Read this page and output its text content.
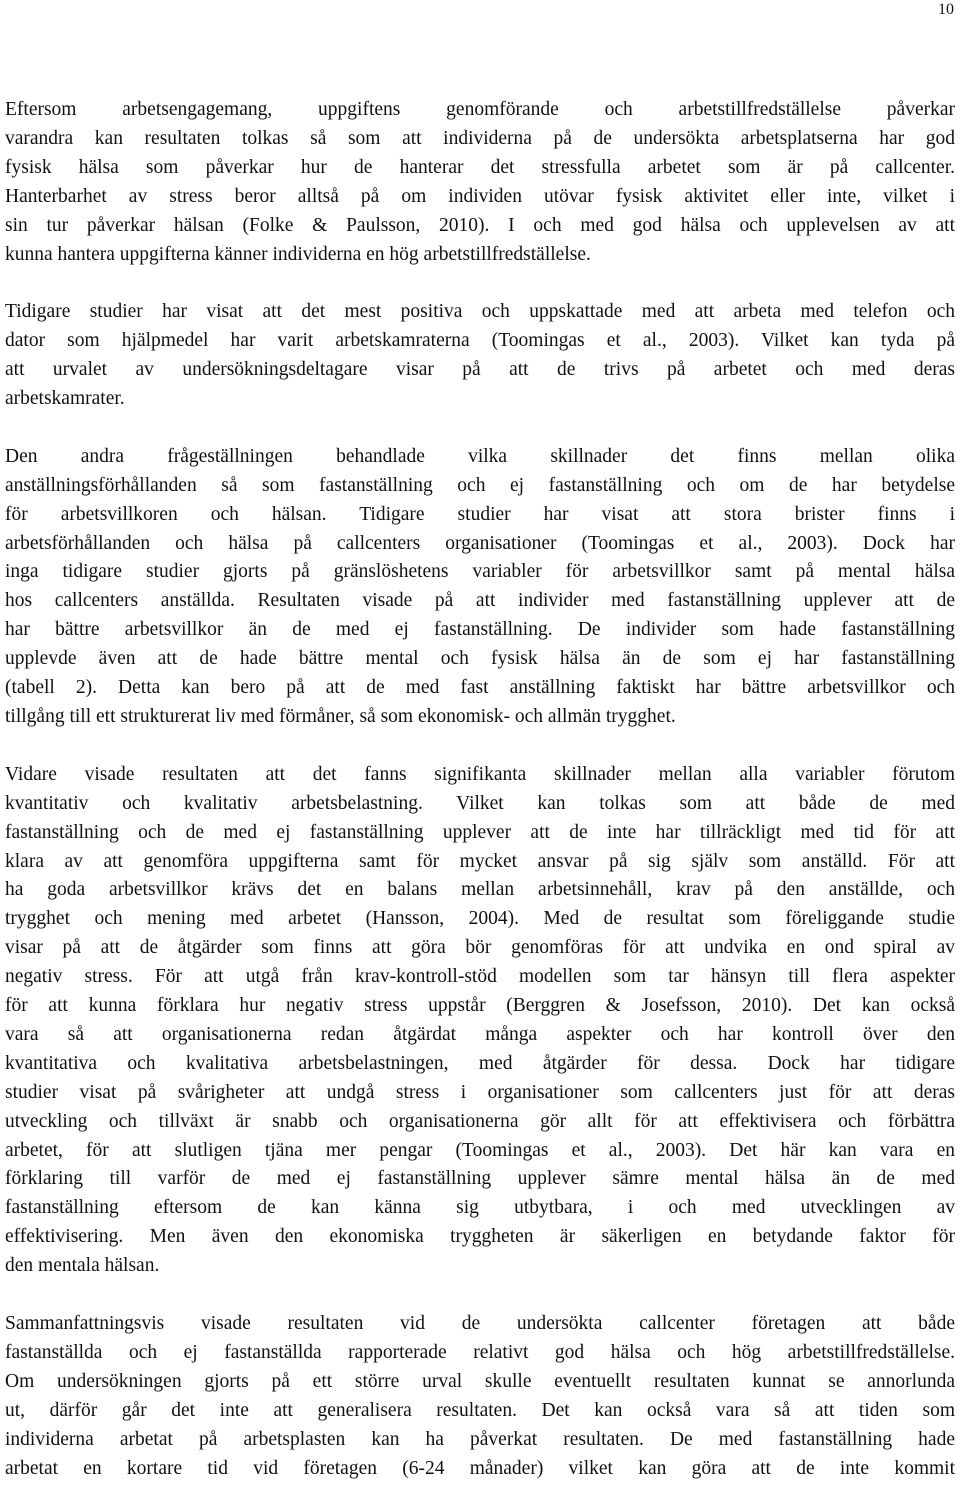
10

Eftersom arbetsengagemang, uppgiftens genomförande och arbetstillfredställelse påverkar
varandra kan resultaten tolkas så som att individerna på de undersökta arbetsplatserna har god
fysisk hälsa som påverkar hur de hanterar det stressfulla arbetet som är på callcenter.
Hanterbarhet av stress beror alltså på om individen utövar fysisk aktivitet eller inte, vilket i
sin tur påverkar hälsan (Folke & Paulsson, 2010). I och med god hälsa och upplevelsen av att
kunna hantera uppgifterna känner individerna en hög arbetstillfredställelse.

Tidigare studier har visat att det mest positiva och uppskattade med att arbeta med telefon och
dator som hjälpmedel har varit arbetskamraterna (Toomingas et al., 2003). Vilket kan tyda på
att urvalet av undersökningsdeltagare visar på att de trivs på arbetet och med deras
arbetskamrater.

Den andra frågeställningen behandlade vilka skillnader det finns mellan olika
anställningsförhållanden så som fastanställning och ej fastanställning och om de har betydelse
för arbetsvillkoren och hälsan. Tidigare studier har visat att stora brister finns i
arbetsförhållanden och hälsa på callcenters organisationer (Toomingas et al., 2003). Dock har
inga tidigare studier gjorts på gränslöshetens variabler för arbetsvillkor samt på mental hälsa
hos callcenters anställda. Resultaten visade på att individer med fastanställning upplever att de
har bättre arbetsvillkor än de med ej fastanställning. De individer som hade fastanställning
upplevde även att de hade bättre mental och fysisk hälsa än de som ej har fastanställning
(tabell 2). Detta kan bero på att de med fast anställning faktiskt har bättre arbetsvillkor och
tillgång till ett strukturerat liv med förmåner, så som ekonomisk- och allmän trygghet.

Vidare visade resultaten att det fanns signifikanta skillnader mellan alla variabler förutom
kvantitativ och kvalitativ arbetsbelastning. Vilket kan tolkas som att både de med
fastanställning och de med ej fastanställning upplever att de inte har tillräckligt med tid för att
klara av att genomföra uppgifterna samt för mycket ansvar på sig själv som anställd. För att
ha goda arbetsvillkor krävs det en balans mellan arbetsinnehåll, krav på den anställde, och
trygghet och mening med arbetet (Hansson, 2004). Med de resultat som föreliggande studie
visar på att de åtgärder som finns att göra bör genomföras för att undvika en ond spiral av
negativ stress. För att utgå från krav-kontroll-stöd modellen som tar hänsyn till flera aspekter
för att kunna förklara hur negativ stress uppstår (Berggren & Josefsson, 2010). Det kan också
vara så att organisationerna redan åtgärdat många aspekter och har kontroll över den
kvantitativa och kvalitativa arbetsbelastningen, med åtgärder för dessa. Dock har tidigare
studier visat på svårigheter att undgå stress i organisationer som callcenters just för att deras
utveckling och tillväxt är snabb och organisationerna gör allt för att effektivisera och förbättra
arbetet, för att slutligen tjäna mer pengar (Toomingas et al., 2003). Det här kan vara en
förklaring till varför de med ej fastanställning upplever sämre mental hälsa än de med
fastanställning eftersom de kan känna sig utbytbara, i och med utvecklingen av
effektivisering. Men även den ekonomiska tryggheten är säkerligen en betydande faktor för
den mentala hälsan.

Sammanfattningsvis visade resultaten vid de undersökta callcenter företagen att både
fastanställda och ej fastanställda rapporterade relativt god hälsa och hög arbetstillfredställelse.
Om undersökningen gjorts på ett större urval skulle eventuellt resultaten kunnat se annorlunda
ut, därför går det inte att generalisera resultaten. Det kan också vara så att tiden som
individerna arbetat på arbetsplasten kan ha påverkat resultaten. De med fastanställning hade
arbetat en kortare tid vid företagen (6-24 månader) vilket kan göra att de inte kommit
